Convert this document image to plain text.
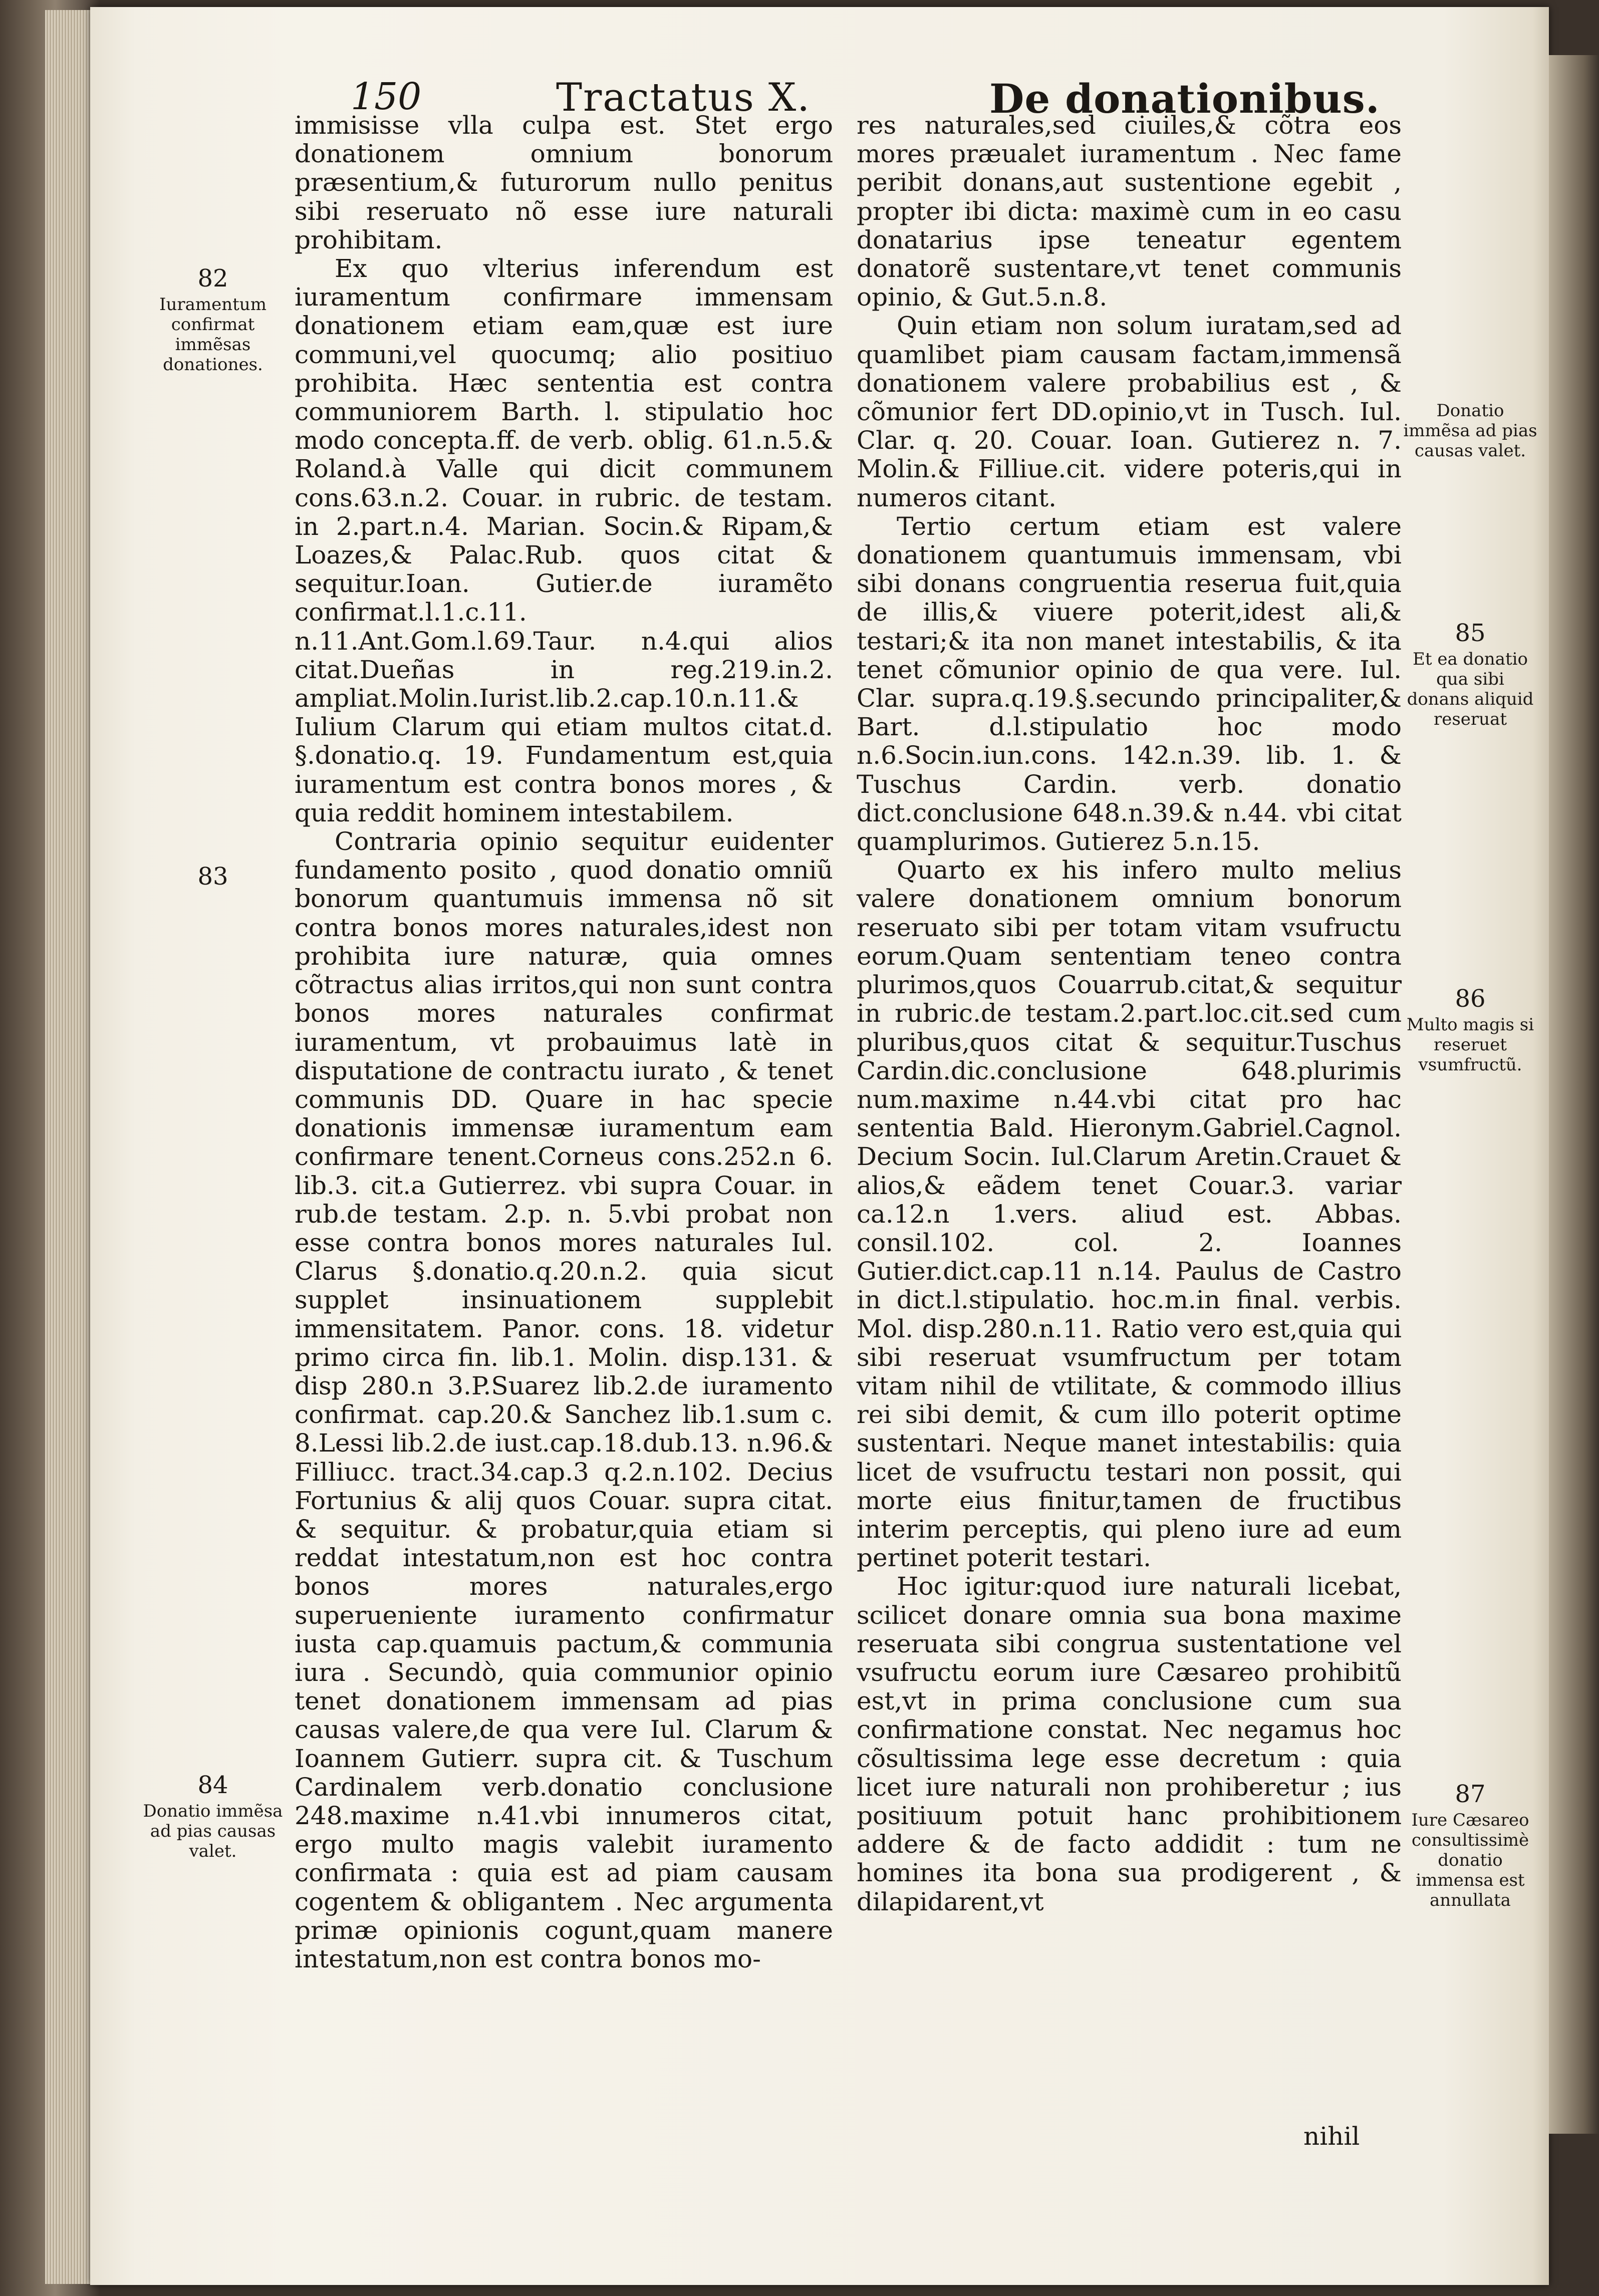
150	Tractatus X.	De donationibus.

immisisse vlla culpa est. Stet ergo donationem omnium bonorum præsentium,& futurorum nullo penitus sibi reseruato nõ esse iure naturali prohibitam.

Ex quo vlterius inferendum est iuramentum confirmare immensam donationem etiam eam,quæ est iure communi,vel quocumq; alio positiuo prohibita. Hæc sententia est contra communiorem Barth. l. stipulatio hoc modo concepta.ff. de verb. oblig. 61.n.5.& Roland.à Valle qui dicit communem cons.63.n.2. Couar. in rubric. de testam. in 2.part.n.4. Marian. Socin.& Ripam,& Loazes,& Palac.Rub. quos citat & sequitur.Ioan. Gutier.de iuramẽto confirmat.l.1.c.11. n.11.Ant.Gom.l.69.Taur. n.4.qui alios citat.Dueñas in reg.219.in.2. ampliat.Molin.Iurist.lib.2.cap.10.n.11.& Iulium Clarum qui etiam multos citat.d. §.donatio.q. 19. Fundamentum est,quia iuramentum est contra bonos mores , & quia reddit hominem intestabilem.

Contraria opinio sequitur euidenter fundamento posito , quod donatio omniũ bonorum quantumuis immensa nõ sit contra bonos mores naturales,idest non prohibita iure naturæ, quia omnes cõtractus alias irritos,qui non sunt contra bonos mores naturales confirmat iuramentum, vt probauimus latè in disputatione de contractu iurato , & tenet communis DD. Quare in hac specie donationis immensæ iuramentum eam confirmare tenent.Corneus cons.252.n 6. lib.3. cit.a Gutierrez. vbi supra Couar. in rub.de testam. 2.p. n. 5.vbi probat non esse contra bonos mores naturales Iul. Clarus §.donatio.q.20.n.2. quia sicut supplet insinuationem supplebit immensitatem. Panor. cons. 18. videtur primo circa fin. lib.1. Molin. disp.131. & disp 280.n 3.P.Suarez lib.2.de iuramento confirmat. cap.20.& Sanchez lib.1.sum c. 8.Lessi lib.2.de iust.cap.18.dub.13. n.96.& Filliucc. tract.34.cap.3 q.2.n.102. Decius Fortunius & alij quos Couar. supra citat. & sequitur. & probatur,quia etiam si reddat intestatum,non est hoc contra bonos mores naturales,ergo superueniente iuramento confirmatur iusta cap.quamuis pactum,& communia iura . Secundò, quia communior opinio tenet donationem immensam ad pias causas valere,de qua vere Iul. Clarum & Ioannem Gutierr. supra cit. & Tuschum Cardinalem verb.donatio conclusione 248.maxime n.41.vbi innumeros citat, ergo multo magis valebit iuramento confirmata : quia est ad piam causam cogentem & obligantem . Nec argumenta primæ opinionis cogunt,quam manere intestatum,non est contra bonos mo-

res naturales,sed ciuiles,& cõtra eos mores præualet iuramentum . Nec fame peribit donans,aut sustentione egebit , propter ibi dicta: maximè cum in eo casu donatarius ipse teneatur egentem donatorẽ sustentare,vt tenet communis opinio, & Gut.5.n.8.

Quin etiam non solum iuratam,sed ad quamlibet piam causam factam,immensã donationem valere probabilius est , & cõmunior fert DD.opinio,vt in Tusch. Iul. Clar. q. 20. Couar. Ioan. Gutierez n. 7. Molin.& Filliue.cit. videre poteris,qui in numeros citant.

Tertio certum etiam est valere donationem quantumuis immensam, vbi sibi donans congruentia reserua fuit,quia de illis,& viuere poterit,idest ali,& testari;& ita non manet intestabilis, & ita tenet cõmunior opinio de qua vere. Iul. Clar. supra.q.19.§.secundo principaliter,& Bart. d.l.stipulatio hoc modo n.6.Socin.iun.cons. 142.n.39. lib. 1. & Tuschus Cardin. verb. donatio dict.conclusione 648.n.39.& n.44. vbi citat quamplurimos. Gutierez 5.n.15.

Quarto ex his infero multo melius valere donationem omnium bonorum reseruato sibi per totam vitam vsufructu eorum.Quam sententiam teneo contra plurimos,quos Couarrub.citat,& sequitur in rubric.de testam.2.part.loc.cit.sed cum pluribus,quos citat & sequitur.Tuschus Cardin.dic.conclusione 648.plurimis num.maxime n.44.vbi citat pro hac sententia Bald. Hieronym.Gabriel.Cagnol. Decium Socin. Iul.Clarum Aretin.Crauet & alios,& eãdem tenet Couar.3. variar ca.12.n 1.vers. aliud est. Abbas. consil.102. col. 2. Ioannes Gutier.dict.cap.11 n.14. Paulus de Castro in dict.l.stipulatio. hoc.m.in final. verbis. Mol. disp.280.n.11. Ratio vero est,quia qui sibi reseruat vsumfructum per totam vitam nihil de vtilitate, & commodo illius rei sibi demit, & cum illo poterit optime sustentari. Neque manet intestabilis: quia licet de vsufructu testari non possit, qui morte eius finitur,tamen de fructibus interim perceptis, qui pleno iure ad eum pertinet poterit testari.

Hoc igitur:quod iure naturali licebat, scilicet donare omnia sua bona maxime reseruata sibi congrua sustentatione vel vsufructu eorum iure Cæsareo prohibitũ est,vt in prima conclusione cum sua confirmatione constat. Nec negamus hoc cõsultissima lege esse decretum : quia licet iure naturali non prohiberetur ; ius positiuum potuit hanc prohibitionem addere & de facto addidit : tum ne homines ita bona sua prodigerent , & dilapidarent,vt

nihil
82
Iuramentum confirmat immẽsas donationes.
83
84
Donatio immẽsa ad pias causas valet.
Donatio immẽsa ad pias causas valet.
85
Et ea donatio qua sibi donans aliquid reseruat
86
Multo magis si reseruet vsumfructũ.
87
Iure Cæsareo consultissimè donatio immensa est annullata
